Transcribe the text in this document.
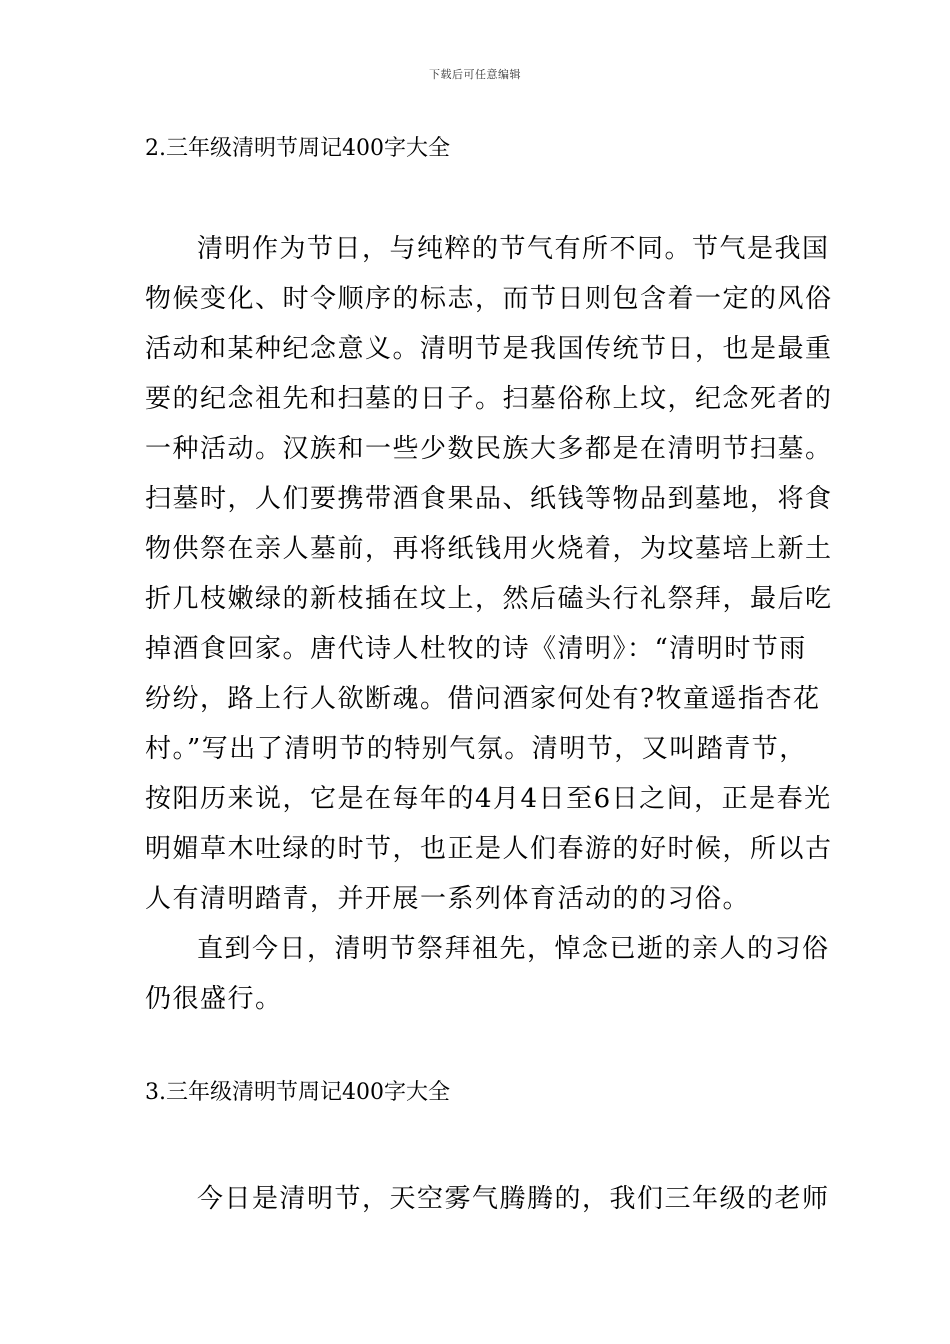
下载后可任意编辑
2.三年级清明节周记400字大全
清明作为节日，与纯粹的节气有所不同。节气是我国
物候变化、时令顺序的标志，而节日则包含着一定的风俗
活动和某种纪念意义。清明节是我国传统节日，也是最重
要的纪念祖先和扫墓的日子。扫墓俗称上坟，纪念死者的
一种活动。汉族和一些少数民族大多都是在清明节扫墓。
扫墓时，人们要携带酒食果品、纸钱等物品到墓地，将食
物供祭在亲人墓前，再将纸钱用火烧着，为坟墓培上新土
折几枝嫩绿的新枝插在坟上，然后磕头行礼祭拜，最后吃
掉酒食回家。唐代诗人杜牧的诗《清明》：“清明时节雨
纷纷，路上行人欲断魂。借问酒家何处有?牧童遥指杏花
村。”写出了清明节的特别气氛。清明节，又叫踏青节，
按阳历来说，它是在每年的4月4日至6日之间，正是春光
明媚草木吐绿的时节，也正是人们春游的好时候，所以古
人有清明踏青，并开展一系列体育活动的的习俗。
直到今日，清明节祭拜祖先，悼念已逝的亲人的习俗
仍很盛行。
3.三年级清明节周记400字大全
今日是清明节，天空雾气腾腾的，我们三年级的老师
